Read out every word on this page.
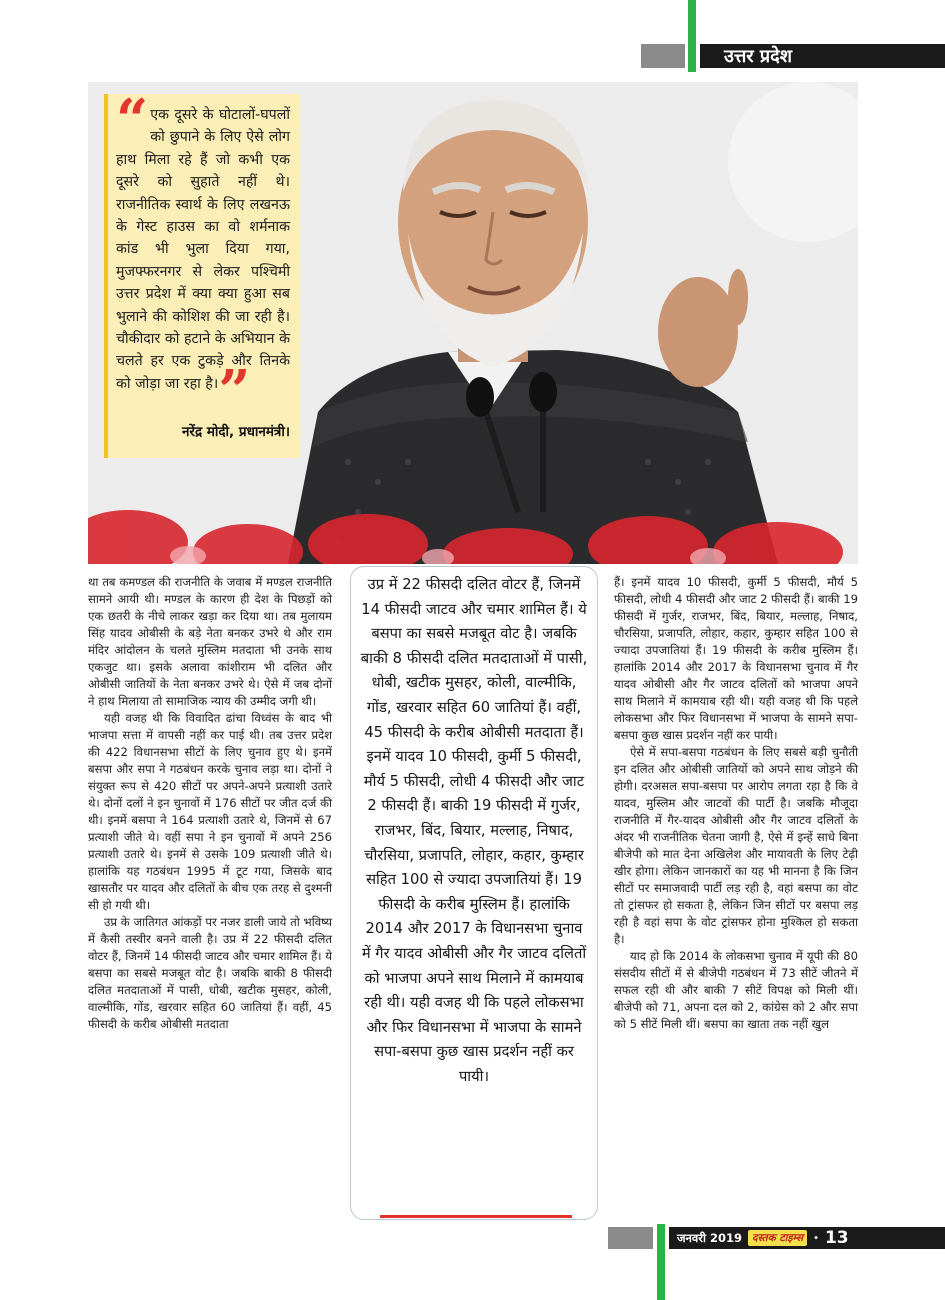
उत्तर प्रदेश
“ एक दूसरे के घोटालों-घपलों को छुपाने के लिए ऐसे लोग हाथ मिला रहे हैं जो कभी एक दूसरे को सुहाते नहीं थे। राजनीतिक स्वार्थ के लिए लखनऊ के गेस्ट हाउस का वो शर्मनाक कांड भी भुला दिया गया, मुजफ्फरनगर से लेकर पश्चिमी उत्तर प्रदेश में क्या क्या हुआ सब भुलाने की कोशिश की जा रही है। चौकीदार को हटाने के अभियान के चलते हर एक टुकड़े और तिनके को जोड़ा जा रहा है।”
नरेंद्र मोदी, प्रधानमंत्री।

था तब कमण्डल की राजनीति के जवाब में मण्डल राजनीति सामने आयी थी। मण्डल के कारण ही देश के पिछड़ों को एक छतरी के नीचे लाकर खड़ा कर दिया था। तब मुलायम सिंह यादव ओबीसी के बड़े नेता बनकर उभरे थे और राम मंदिर आंदोलन के चलते मुस्लिम मतदाता भी उनके साथ एकजुट था। इसके अलावा कांशीराम भी दलित और ओबीसी जातियों के नेता बनकर उभरे थे। ऐसे में जब दोनों ने हाथ मिलाया तो सामाजिक न्याय की उम्मीद जगी थी।

यही वजह थी कि विवादित ढांचा विध्वंस के बाद भी भाजपा सत्ता में वापसी नहीं कर पाई थी। तब उत्तर प्रदेश की 422 विधानसभा सीटों के लिए चुनाव हुए थे। इनमें बसपा और सपा ने गठबंधन करके चुनाव लड़ा था। दोनों ने संयुक्त रूप से 420 सीटों पर अपने-अपने प्रत्याशी उतारे थे। दोनों दलों ने इन चुनावों में 176 सीटों पर जीत दर्ज की थी। इनमें बसपा ने 164 प्रत्याशी उतारे थे, जिनमें से 67 प्रत्याशी जीते थे। वहीं सपा ने इन चुनावों में अपने 256 प्रत्याशी उतारे थे। इनमें से उसके 109 प्रत्याशी जीते थे। हालांकि यह गठबंधन 1995 में टूट गया, जिसके बाद खासतौर पर यादव और दलितों के बीच एक तरह से दुश्मनी सी हो गयी थी।

उप्र के जातिगत आंकड़ों पर नजर डाली जाये तो भविष्य में कैसी तस्वीर बनने वाली है। उप्र में 22 फीसदी दलित वोटर हैं, जिनमें 14 फीसदी जाटव और चमार शामिल हैं। ये बसपा का सबसे मजबूत वोट है। जबकि बाकी 8 फीसदी दलित मतदाताओं में पासी, धोबी, खटीक मुसहर, कोली, वाल्मीकि, गोंड, खरवार सहित 60 जातियां हैं। वहीं, 45 फीसदी के करीब ओबीसी मतदाता

उप्र में 22 फीसदी दलित वोटर हैं, जिनमें 14 फीसदी जाटव और चमार शामिल हैं। ये बसपा का सबसे मजबूत वोट है। जबकि बाकी 8 फीसदी दलित मतदाताओं में पासी, धोबी, खटीक मुसहर, कोली, वाल्मीकि, गोंड, खरवार सहित 60 जातियां हैं। वहीं, 45 फीसदी के करीब ओबीसी मतदाता हैं। इनमें यादव 10 फीसदी, कुर्मी 5 फीसदी, मौर्य 5 फीसदी, लोधी 4 फीसदी और जाट 2 फीसदी हैं। बाकी 19 फीसदी में गुर्जर, राजभर, बिंद, बियार, मल्लाह, निषाद, चौरसिया, प्रजापति, लोहार, कहार, कुम्हार सहित 100 से ज्यादा उपजातियां हैं। 19 फीसदी के करीब मुस्लिम हैं। हालांकि 2014 और 2017 के विधानसभा चुनाव में गैर यादव ओबीसी और गैर जाटव दलितों को भाजपा अपने साथ मिलाने में कामयाब रही थी। यही वजह थी कि पहले लोकसभा और फिर विधानसभा में भाजपा के सामने सपा-बसपा कुछ खास प्रदर्शन नहीं कर पायी।

हैं। इनमें यादव 10 फीसदी, कुर्मी 5 फीसदी, मौर्य 5 फीसदी, लोधी 4 फीसदी और जाट 2 फीसदी हैं। बाकी 19 फीसदी में गुर्जर, राजभर, बिंद, बियार, मल्लाह, निषाद, चौरसिया, प्रजापति, लोहार, कहार, कुम्हार सहित 100 से ज्यादा उपजातियां हैं। 19 फीसदी के करीब मुस्लिम हैं। हालांकि 2014 और 2017 के विधानसभा चुनाव में गैर यादव ओबीसी और गैर जाटव दलितों को भाजपा अपने साथ मिलाने में कामयाब रही थी। यही वजह थी कि पहले लोकसभा और फिर विधानसभा में भाजपा के सामने सपा-बसपा कुछ खास प्रदर्शन नहीं कर पायी।

ऐसे में सपा-बसपा गठबंधन के लिए सबसे बड़ी चुनौती इन दलित और ओबीसी जातियों को अपने साथ जोड़ने की होगी। दरअसल सपा-बसपा पर आरोप लगता रहा है कि वे यादव, मुस्लिम और जाटवों की पार्टी है। जबकि मौजूदा राजनीति में गैर-यादव ओबीसी और गैर जाटव दलितों के अंदर भी राजनीतिक चेतना जागी है, ऐसे में इन्हें साधे बिना बीजेपी को मात देना अखिलेश और मायावती के लिए टेढ़ी खीर होगा। लेकिन जानकारों का यह भी मानना है कि जिन सीटों पर समाजवादी पार्टी लड़ रही है, वहां बसपा का वोट तो ट्रांसफर हो सकता है, लेकिन जिन सीटों पर बसपा लड़ रही है वहां सपा के वोट ट्रांसफर होना मुश्किल हो सकता है।

याद हो कि 2014 के लोकसभा चुनाव में यूपी की 80 संसदीय सीटों में से बीजेपी गठबंधन में 73 सीटें जीतने में सफल रही थी और बाकी 7 सीटें विपक्ष को मिली थीं। बीजेपी को 71, अपना दल को 2, कांग्रेस को 2 और सपा को 5 सीटें मिली थीं। बसपा का खाता तक नहीं खुल

जनवरी 2019 दस्तक टाइम्स	• 13
